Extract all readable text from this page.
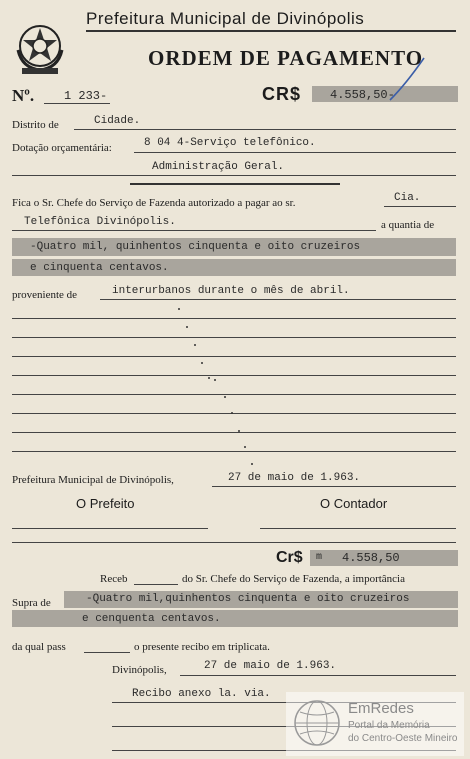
Prefeitura Municipal de Divinópolis
ORDEM DE PAGAMENTO
Nº. 1 233-	CR$ 4.558,50-
Distrito de	Cidade.
Dotação orçamentária:	8 04 4-Serviço telefônico.
Administração Geral.
Fica o Sr. Chefe do Serviço de Fazenda autorizado a pagar ao sr.	Cia.
Telefônica Divinópolis.	a quantia de
-Quatro mil, quinhentos cinquenta e oito cruzeiros
e cinquenta centavos.
proveniente de	interurbanos durante o mês de abril.
Prefeitura Municipal de Divinópolis,	27 de maio de 1.963.
O Prefeito	O Contador
Cr$ m 4.558,50
Receb	do Sr. Chefe do Serviço de Fazenda, a importância
Supra de	-Quatro mil,quinhentos cinquenta e oito cruzeiros
e cenquenta centavos.
da qual pass	o presente recibo em triplicata.
Divinópolis,	27 de maio de 1.963.
Recibo anexo la. via.
EmRedes
Portal da Memória
do Centro-Oeste Mineiro
